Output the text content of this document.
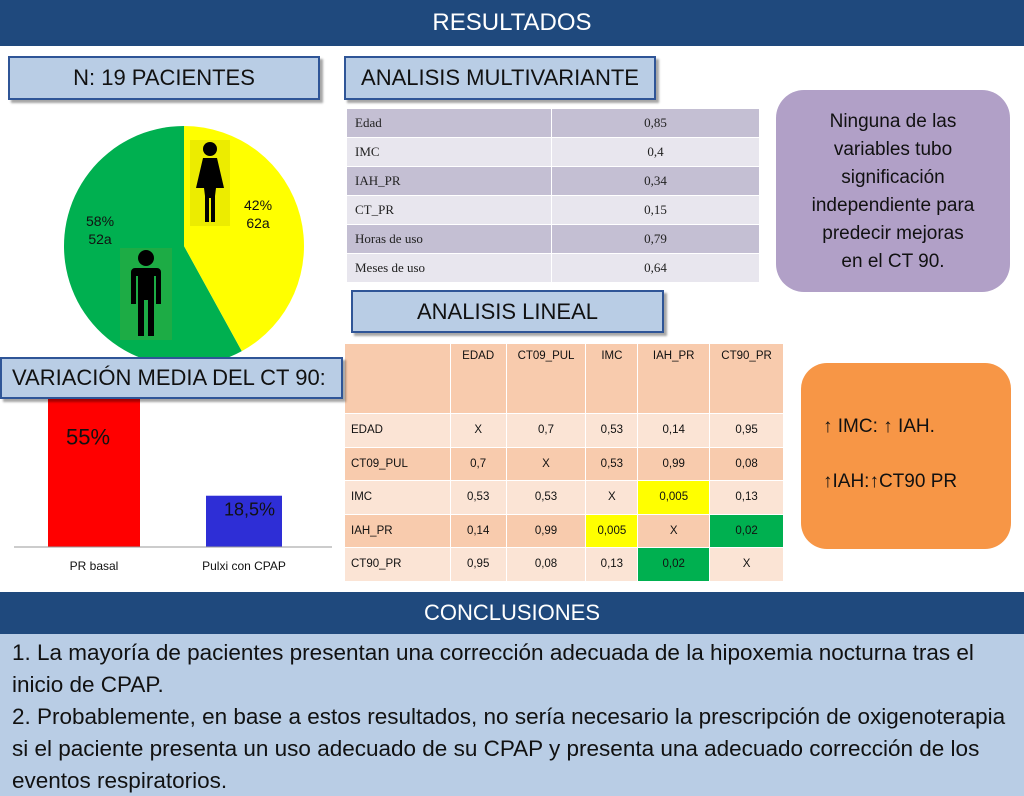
RESULTADOS
N: 19 PACIENTES	ANALISIS MULTIVARIANTE
ANALISIS LINEAL
42%
62a
58%
52a
Edad	0,85
IMC	0,4
IAH_PR	0,34
CT_PR	0,15
Horas de uso	0,79
Meses de uso	0,64
Ninguna de las
variables tubo
significación
independiente para
predecir mejoras
en el CT 90.
	EDAD	CT09_PUL	IMC	IAH_PR	CT90_PR
EDAD	X	0,7	0,53	0,14	0,95
CT09_PUL	0,7	X	0,53	0,99	0,08
IMC	0,53	0,53	X	0,005	0,13
IAH_PR	0,14	0,99	0,005	X	0,02
CT90_PR	0,95	0,08	0,13	0,02	X
↑ IMC: ↑ IAH.
↑IAH:↑CT90 PR
55%
18,5%
PR basal	Pulxi con CPAP
VARIACIÓN MEDIA DEL CT 90:
CONCLUSIONES
1. La mayoría de pacientes presentan una corrección adecuada de la hipoxemia nocturna tras el inicio de CPAP.
2. Probablemente, en base a estos resultados, no sería necesario la prescripción de oxigenoterapia si el paciente presenta un uso adecuado de su CPAP y presenta una adecuado corrección de los eventos respiratorios.
